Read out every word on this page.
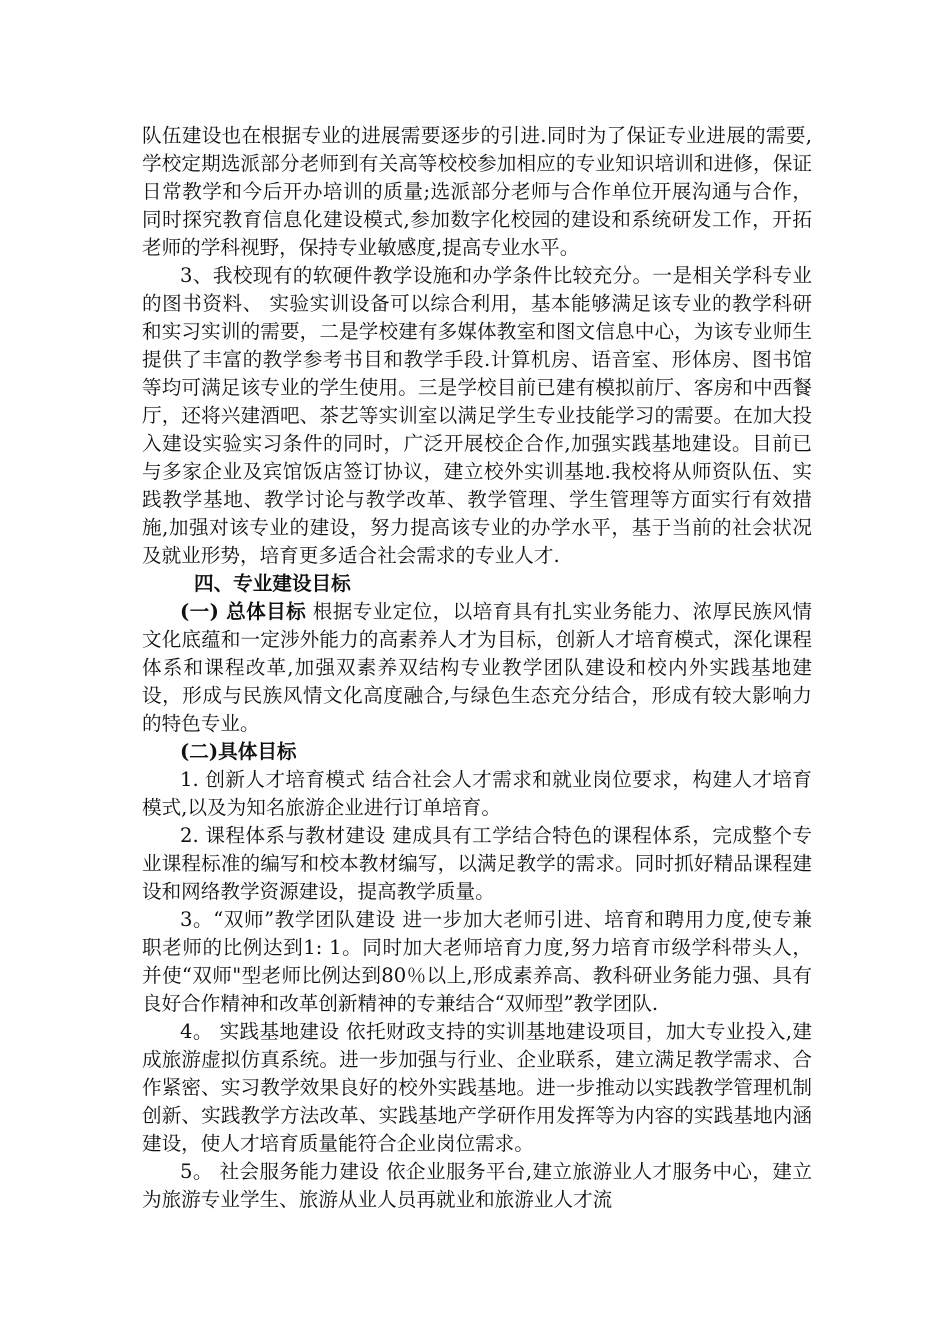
队伍建设也在根据专业的进展需要逐步的引进.同时为了保证专业进展的需要,学校定期选派部分老师到有关高等校校参加相应的专业知识培训和进修，保证日常教学和今后开办培训的质量;选派部分老师与合作单位开展沟通与合作，同时探究教育信息化建设模式,参加数字化校园的建设和系统研发工作，开拓老师的学科视野，保持专业敏感度,提高专业水平。

3、我校现有的软硬件教学设施和办学条件比较充分。一是相关学科专业的图书资料、 实验实训设备可以综合利用，基本能够满足该专业的教学科研和实习实训的需要，二是学校建有多媒体教室和图文信息中心，为该专业师生提供了丰富的教学参考书目和教学手段.计算机房、语音室、形体房、图书馆等均可满足该专业的学生使用。三是学校目前已建有模拟前厅、客房和中西餐厅，还将兴建酒吧、茶艺等实训室以满足学生专业技能学习的需要。在加大投入建设实验实习条件的同时，广泛开展校企合作,加强实践基地建设。目前已与多家企业及宾馆饭店签订协议，建立校外实训基地.我校将从师资队伍、实践教学基地、教学讨论与教学改革、教学管理、学生管理等方面实行有效措施,加强对该专业的建设，努力提高该专业的办学水平，基于当前的社会状况及就业形势，培育更多适合社会需求的专业人才.

四、专业建设目标

(一) 总体目标 根据专业定位，以培育具有扎实业务能力、浓厚民族风情文化底蕴和一定涉外能力的高素养人才为目标，创新人才培育模式，深化课程体系和课程改革,加强双素养双结构专业教学团队建设和校内外实践基地建设，形成与民族风情文化高度融合,与绿色生态充分结合，形成有较大影响力的特色专业。

(二)具体目标

1. 创新人才培育模式 结合社会人才需求和就业岗位要求，构建人才培育模式,以及为知名旅游企业进行订单培育。

2. 课程体系与教材建设 建成具有工学结合特色的课程体系，完成整个专业课程标准的编写和校本教材编写，以满足教学的需求。同时抓好精品课程建设和网络教学资源建设，提高教学质量。

3。“双师”教学团队建设 进一步加大老师引进、培育和聘用力度,使专兼职老师的比例达到1: 1。同时加大老师培育力度,努力培育市级学科带头人，并使“双师"型老师比例达到80％以上,形成素养高、教科研业务能力强、具有良好合作精神和改革创新精神的专兼结合“双师型”教学团队.

4。 实践基地建设 依托财政支持的实训基地建设项目，加大专业投入,建成旅游虚拟仿真系统。进一步加强与行业、企业联系，建立满足教学需求、合作紧密、实习教学效果良好的校外实践基地。进一步推动以实践教学管理机制创新、实践教学方法改革、实践基地产学研作用发挥等为内容的实践基地内涵建设，使人才培育质量能符合企业岗位需求。

5。 社会服务能力建设 依企业服务平台,建立旅游业人才服务中心，建立为旅游专业学生、旅游从业人员再就业和旅游业人才流
